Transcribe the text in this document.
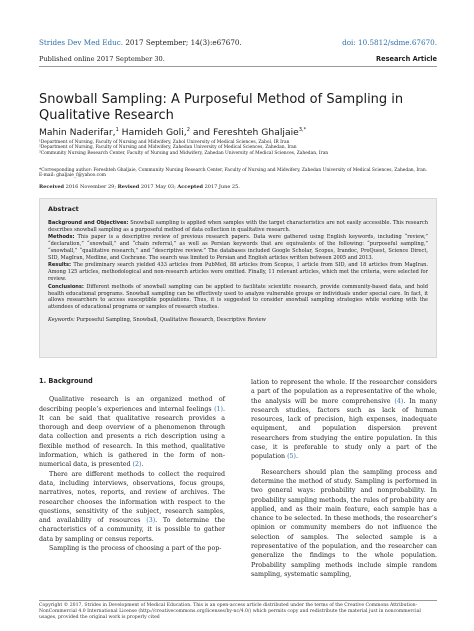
Strides Dev Med Educ. 2017 September; 14(3):e67670.	doi: 10.5812/sdme.67670.
Published online 2017 September 30.	Research Article
Snowball Sampling: A Purposeful Method of Sampling in Qualitative Research
Mahin Naderifar,$^1$ Hamideh Goli,$^2$ and Fereshteh Ghaljaie$^{3,*}$
¹Department of Nursing, Faculty of Nursing and Midwifery, Zabol University of Medical Sciences, Zabol, IR Iran
²Department of Nursing, Faculty of Nursing and Midwifery, Zahedan University of Medical Sciences, Zahedan, Iran
³Community Nursing Research Center, Faculty of Nursing and Midwifery, Zahedan University of Medical Sciences, Zahedan, Iran
*Corresponding author: Fereshteh Ghaljaie, Community Nursing Research Center, Faculty of Nursing and Midwifery, Zahedan University of Medical Sciences, Zahedan, Iran.
E-mail: ghaljaie_f@yahoo.com
Received 2016 November 29; Revised 2017 May 03; Accepted 2017 June 25.
Abstract

Background and Objectives: Snowball sampling is applied when samples with the target characteristics are not easily accessible. This research describes snowball sampling as a purposeful method of data collection in qualitative research.

Methods: This paper is a descriptive review of previous research papers. Data were gathered using English keywords, including “review,” “declaration,” “snowball,” and “chain referral,” as well as Persian keywords that are equivalents of the following: “purposeful sampling,” “snowball,” “qualitative research,” and “descriptive review.” The databases included Google Scholar, Scopus, Irandoc, ProQuest, Science Direct, SID, MagIran, Medline, and Cochrane. The search was limited to Persian and English articles written between 2005 and 2013.

Results: The preliminary search yielded 433 articles from PubMed, 88 articles from Scopus, 1 article from SID, and 18 articles from MagIran. Among 125 articles, methodological and non-research articles were omitted. Finally, 11 relevant articles, which met the criteria, were selected for review.

Conclusions: Different methods of snowball sampling can be applied to facilitate scientific research, provide community-based data, and hold health educational programs. Snowball sampling can be effectively used to analyze vulnerable groups or individuals under special care. In fact, it allows researchers to access susceptible populations. Thus, it is suggested to consider snowball sampling strategies while working with the attendees of educational programs or samples of research studies.

Keywords: Purposeful Sampling, Snowball, Qualitative Research, Descriptive Review

1. Background

Qualitative research is an organized method of describing people’s experiences and internal feelings (1). It can be said that qualitative research provides a thorough and deep overview of a phenomenon through data collection and presents a rich description using a flexible method of research. In this method, qualitative information, which is gathered in the form of non-numerical data, is presented (2).

There are different methods to collect the required data, including interviews, observations, focus groups, narratives, notes, reports, and review of archives. The researcher chooses the information with respect to the questions, sensitivity of the subject, research samples, and availability of resources (3). To determine the characteristics of a community, it is possible to gather data by sampling or census reports.

Sampling is the process of choosing a part of the pop-

lation to represent the whole. If the researcher considers a part of the population as a representative of the whole, the analysis will be more comprehensive (4). In many research studies, factors such as lack of human resources, lack of precision, high expenses, inadequate equipment, and population dispersion prevent researchers from studying the entire population. In this case, it is preferable to study only a part of the population (5).

Researchers should plan the sampling process and determine the method of study. Sampling is performed in two general ways: probability and nonprobability. In probability sampling methods, the rules of probability are applied, and as their main feature, each sample has a chance to be selected. In these methods, the researcher’s opinion or community members do not influence the selection of samples. The selected sample is a representative of the population, and the researcher can generalize the findings to the whole population. Probability sampling methods include simple random sampling, systematic sampling,

Copyright © 2017, Strides in Development of Medical Education. This is an open-access article distributed under the terms of the Creative Commons Attribution-NonCommercial 4.0 International License (http://creativecommons.org/licenses/by-nc/4.0/) which permits copy and redistribute the material just in noncommercial usages, provided the original work is properly cited
